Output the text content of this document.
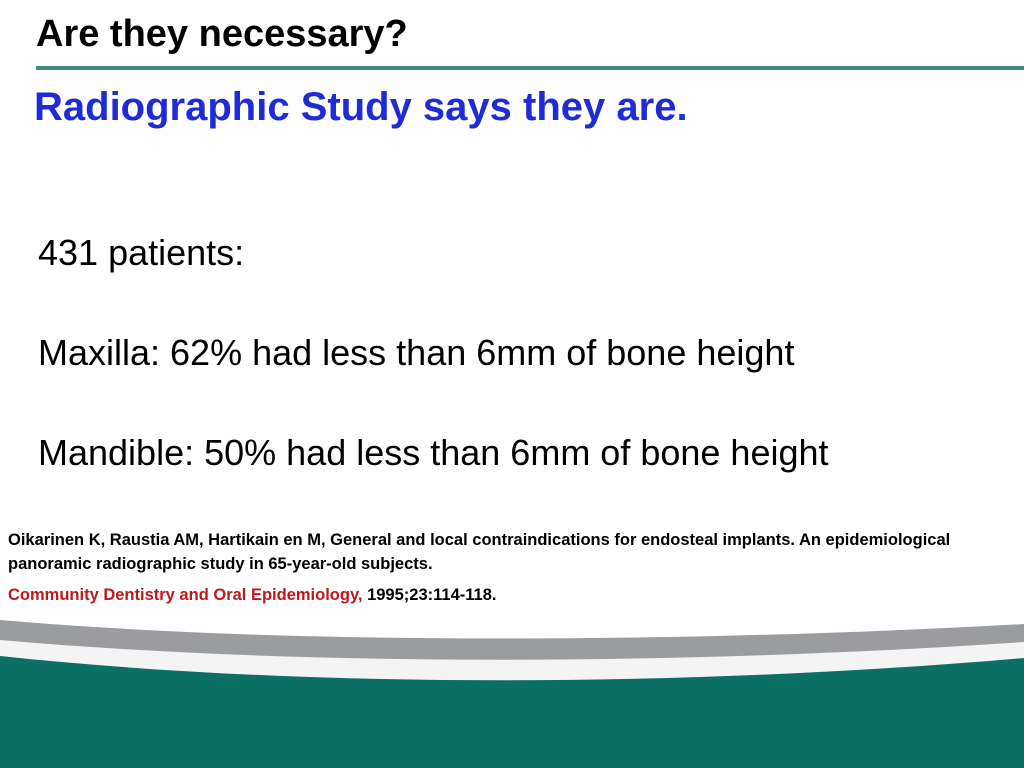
Are they necessary?
Radiographic Study says they are.

431 patients:

Maxilla: 62% had less than 6mm of bone height

Mandible: 50% had less than 6mm of bone height

Oikarinen K, Raustia AM, Hartikain en M, General and local contraindications for endosteal implants. An epidemiological panoramic radiographic study in 65-year-old subjects.

Community Dentistry and Oral Epidemiology, 1995;23:114-118.
